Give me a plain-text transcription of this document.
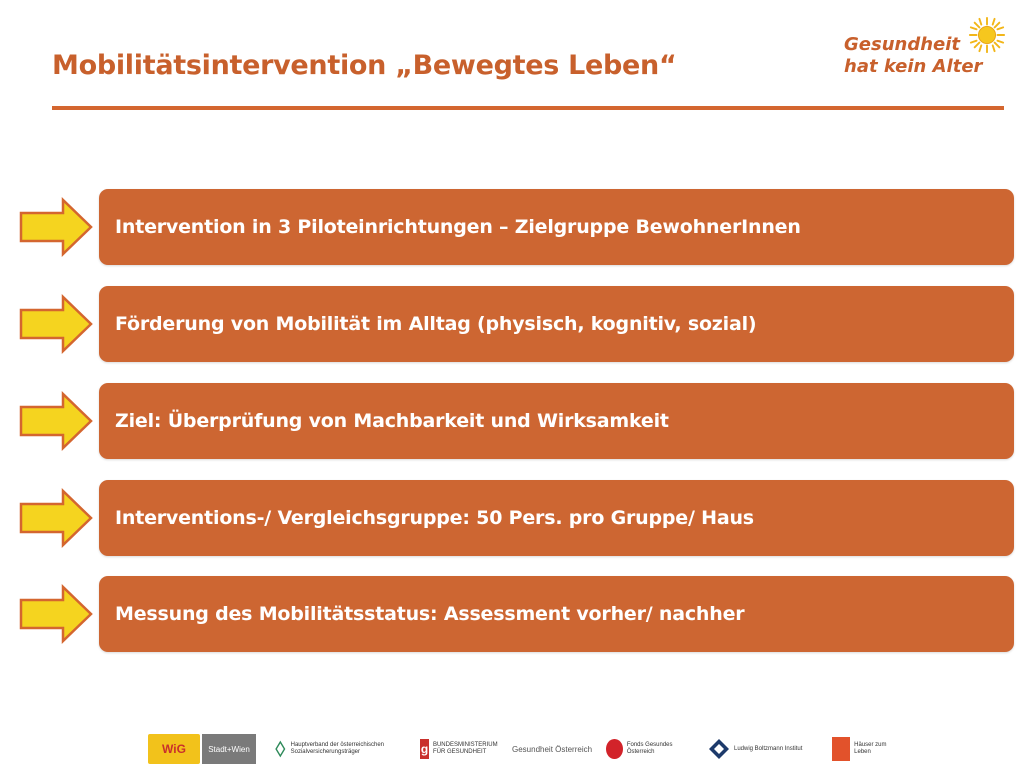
Mobilitätsintervention „Bewegtes Leben“
Gesundheit
hat kein Alter
Intervention in 3 Piloteinrichtungen – Zielgruppe BewohnerInnen
Förderung von Mobilität im Alltag (physisch, kognitiv, sozial)
Ziel: Überprüfung von Machbarkeit und Wirksamkeit
Interventions-/ Vergleichsgruppe: 50 Pers. pro Gruppe/ Haus
Messung des Mobilitätsstatus: Assessment vorher/ nachher
WiG	Stadt+Wien	Hauptverband der österreichischen Sozialversicherungsträger	g BUNDESMINISTERIUM FÜR GESUNDHEIT	Gesundheit Österreich	Fonds Gesundes Österreich
Ludwig Boltzmann Institut
Häuser zum Leben
